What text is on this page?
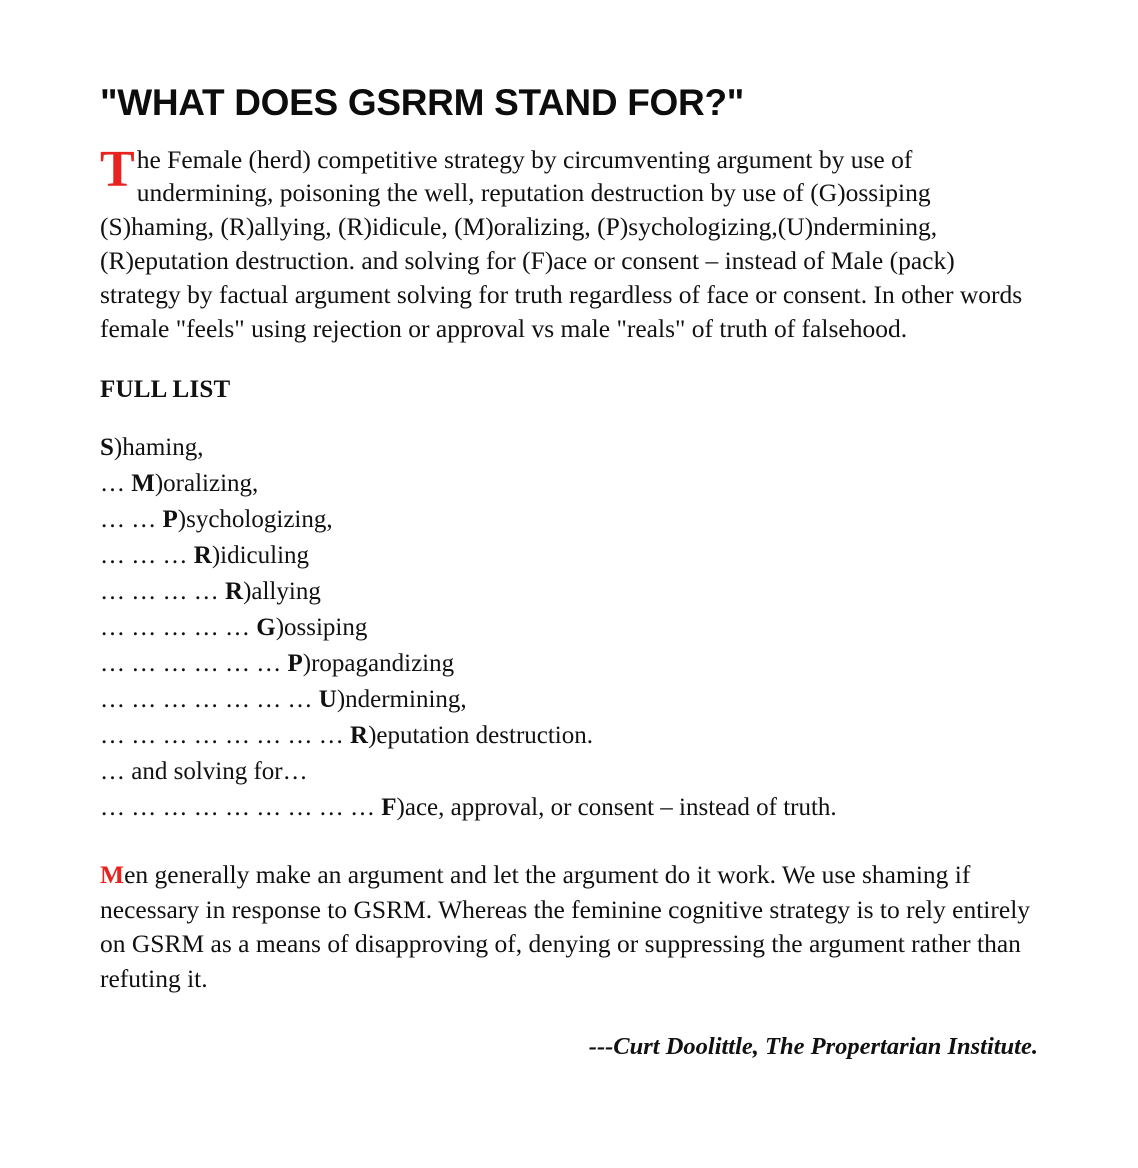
"WHAT DOES GSRRM STAND FOR?"

The Female (herd) competitive strategy by circumventing argument by use of undermining, poisoning the well, reputation destruction by use of (G)ossiping (S)haming, (R)allying, (R)idicule, (M)oralizing, (P)sychologizing,(U)ndermining, (R)eputation destruction. and solving for (F)ace or consent – instead of Male (pack) strategy by factual argument solving for truth regardless of face or consent. In other words female "feels" using rejection or approval vs male "reals" of truth of falsehood.

FULL LIST
S)haming,
… M)oralizing,
… … P)sychologizing,
… … … R)idiculing
… … … … R)allying
… … … … … G)ossiping
… … … … … … P)ropagandizing
… … … … … … … U)ndermining,
… … … … … … … … R)eputation destruction.
… and solving for…
… … … … … … … … … F)ace, approval, or consent – instead of truth.

Men generally make an argument and let the argument do it work. We use shaming if necessary in response to GSRM. Whereas the feminine cognitive strategy is to rely entirely on GSRM as a means of disapproving of, denying or suppressing the argument rather than refuting it.

---Curt Doolittle, The Propertarian Institute.
